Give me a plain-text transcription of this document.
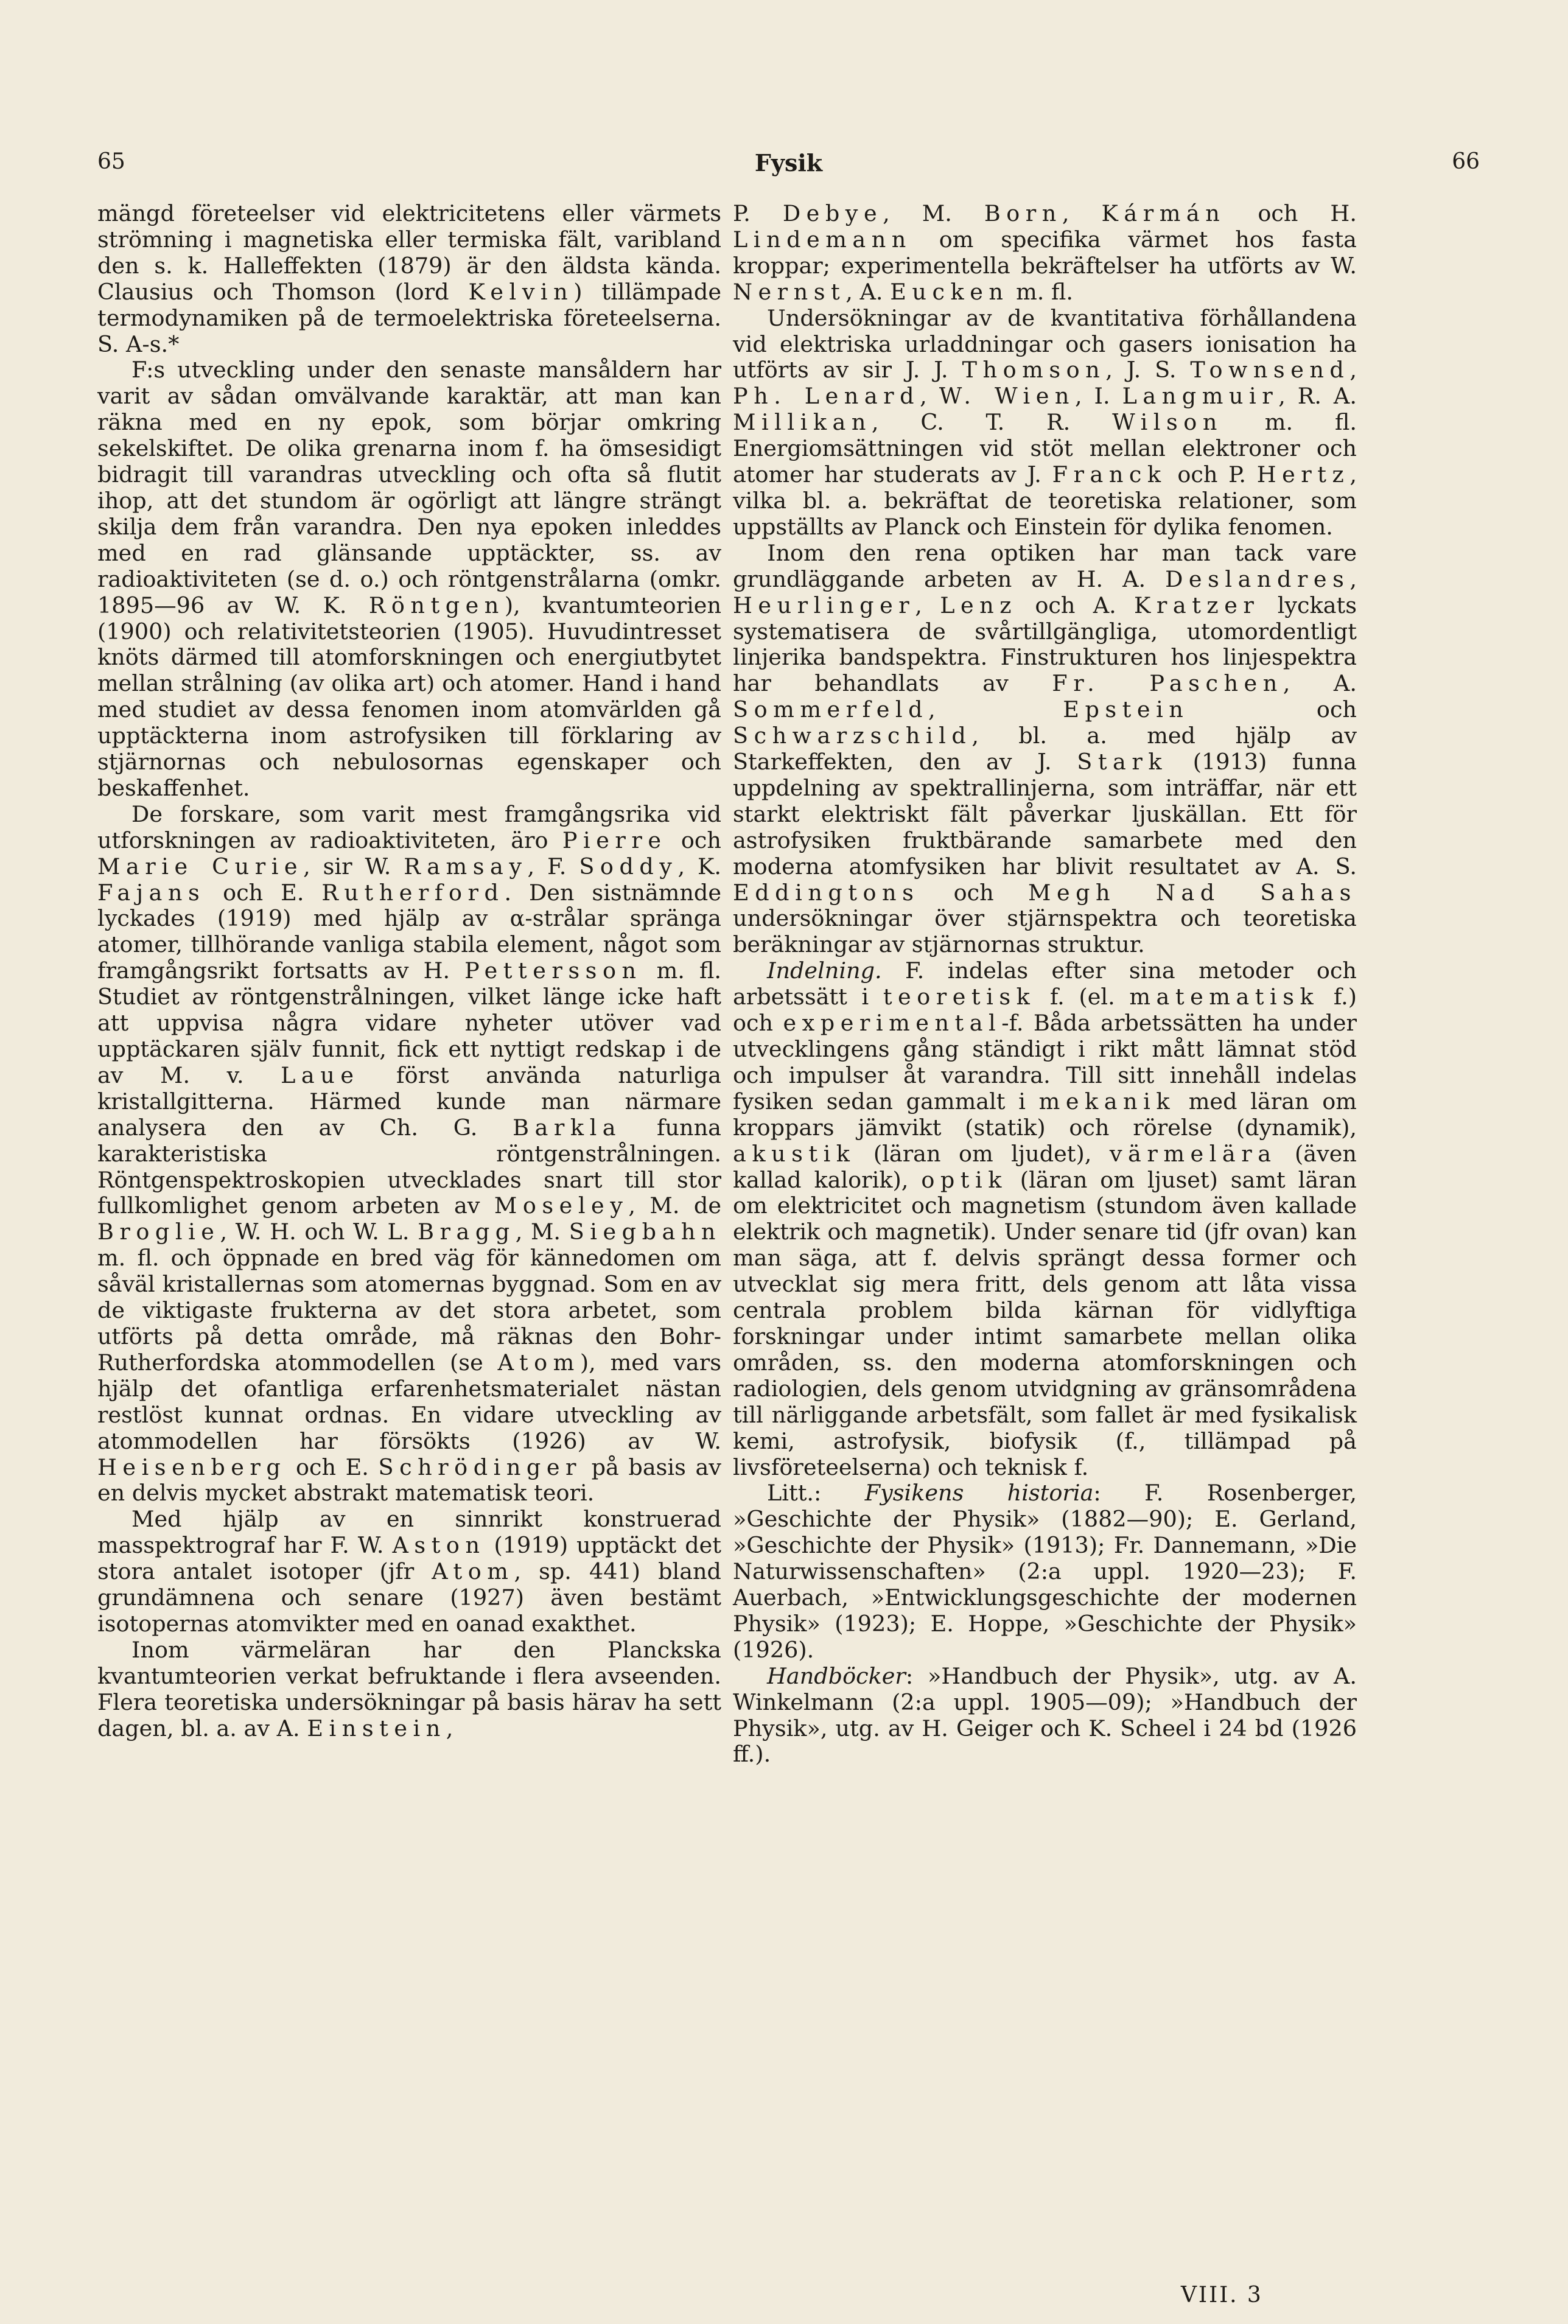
65	Fysik	66

mängd företeelser vid elektricitetens eller värmets strömning i magnetiska eller termiska fält, varibland den s. k. Halleffekten (1879) är den äldsta kända. Clausius och Thomson (lord Kelvin) tillämpade termodynamiken på de termoelektriska företeelserna. S. A-s.*

F:s utveckling under den senaste mansåldern har varit av sådan omvälvande karaktär, att man kan räkna med en ny epok, som börjar omkring sekelskiftet. De olika grenarna inom f. ha ömsesidigt bidragit till varandras utveckling och ofta så flutit ihop, att det stundom är ogörligt att längre strängt skilja dem från varandra. Den nya epoken inleddes med en rad glänsande upptäckter, ss. av radioaktiviteten (se d. o.) och röntgenstrålarna (omkr. 1895—96 av W. K. Röntgen), kvantumteorien (1900) och relativitetsteorien (1905). Huvudintresset knöts därmed till atomforskningen och energiutbytet mellan strålning (av olika art) och atomer. Hand i hand med studiet av dessa fenomen inom atomvärlden gå upptäckterna inom astrofysiken till förklaring av stjärnornas och nebulosornas egenskaper och beskaffenhet.

De forskare, som varit mest framgångsrika vid utforskningen av radioaktiviteten, äro Pierre och Marie Curie, sir W. Ramsay, F. Soddy, K. Fajans och E. Rutherford. Den sistnämnde lyckades (1919) med hjälp av α-strålar spränga atomer, tillhörande vanliga stabila element, något som framgångsrikt fortsatts av H. Pettersson m. fl. Studiet av röntgenstrålningen, vilket länge icke haft att uppvisa några vidare nyheter utöver vad upptäckaren själv funnit, fick ett nyttigt redskap i de av M. v. Laue först använda naturliga kristallgitterna. Härmed kunde man närmare analysera den av Ch. G. Barkla funna karakteristiska röntgenstrålningen. Röntgenspektroskopien utvecklades snart till stor fullkomlighet genom arbeten av Moseley, M. de Broglie, W. H. och W. L. Bragg, M. Siegbahn m. fl. och öppnade en bred väg för kännedomen om såväl kristallernas som atomernas byggnad. Som en av de viktigaste frukterna av det stora arbetet, som utförts på detta område, må räknas den Bohr-Rutherfordska atommodellen (se Atom), med vars hjälp det ofantliga erfarenhetsmaterialet nästan restlöst kunnat ordnas. En vidare utveckling av atommodellen har försökts (1926) av W. Heisenberg och E. Schrödinger på basis av en delvis mycket abstrakt matematisk teori.

Med hjälp av en sinnrikt konstruerad masspektrograf har F. W. Aston (1919) upptäckt det stora antalet isotoper (jfr Atom, sp. 441) bland grundämnena och senare (1927) även bestämt isotopernas atomvikter med en oanad exakthet.

Inom värmeläran har den Planckska kvantumteorien verkat befruktande i flera avseenden. Flera teoretiska undersökningar på basis härav ha sett dagen, bl. a. av A. Einstein,

P. Debye, M. Born, Kármán och H. Lindemann om specifika värmet hos fasta kroppar; experimentella bekräftelser ha utförts av W. Nernst, A. Eucken m. fl.

Undersökningar av de kvantitativa förhållandena vid elektriska urladdningar och gasers ionisation ha utförts av sir J. J. Thomson, J. S. Townsend, Ph. Lenard, W. Wien, I. Langmuir, R. A. Millikan, C. T. R. Wilson m. fl. Energiomsättningen vid stöt mellan elektroner och atomer har studerats av J. Franck och P. Hertz, vilka bl. a. bekräftat de teoretiska relationer, som uppställts av Planck och Einstein för dylika fenomen.

Inom den rena optiken har man tack vare grundläggande arbeten av H. A. Deslandres, Heurlinger, Lenz och A. Kratzer lyckats systematisera de svårtillgängliga, utomordentligt linjerika bandspektra. Finstrukturen hos linjespektra har behandlats av Fr. Paschen, A. Sommerfeld,	Epstein	och Schwarzschild, bl. a. med hjälp av Starkeffekten, den av J. Stark (1913) funna uppdelning av spektrallinjerna, som inträffar, när ett starkt elektriskt fält påverkar ljuskällan. Ett för astrofysiken fruktbärande samarbete med den moderna atomfysiken har blivit resultatet av A. S. Eddingtons och Megh Nad Sahas undersökningar över stjärnspektra och teoretiska beräkningar av stjärnornas struktur.

Indelning. F. indelas efter sina metoder och arbetssätt i teoretisk f. (el. matematisk f.) och experimental-f. Båda arbetssätten ha under utvecklingens gång ständigt i rikt mått lämnat stöd och impulser åt varandra. Till sitt innehåll indelas fysiken sedan gammalt i mekanik med läran om kroppars jämvikt (statik) och rörelse (dynamik), akustik (läran om ljudet), värmelära (även kallad kalorik), optik (läran om ljuset) samt läran om elektricitet och magnetism (stundom även kallade elektrik och magnetik). Under senare tid (jfr ovan) kan man säga, att f. delvis sprängt dessa former och utvecklat sig mera fritt, dels genom att låta vissa centrala problem bilda kärnan för vidlyftiga forskningar under intimt samarbete mellan olika områden, ss. den moderna atomforskningen och radiologien, dels genom utvidgning av gränsområdena till närliggande arbetsfält, som fallet är med fysikalisk kemi, astrofysik, biofysik (f., tillämpad på livsföreteelserna) och teknisk f.

Litt.: Fysikens historia: F. Rosenberger, »Geschichte der Physik» (1882—90); E. Gerland, »Geschichte der Physik» (1913); Fr. Dannemann, »Die Naturwissenschaften» (2:a uppl. 1920—23); F. Auerbach, »Entwicklungsgeschichte der modernen Physik» (1923); E. Hoppe, »Geschichte der Physik» (1926).

Handböcker: »Handbuch der Physik», utg. av A. Winkelmann (2:a uppl. 1905—09); »Handbuch der Physik», utg. av H. Geiger och K. Scheel i 24 bd (1926 ff.).

VIII. 3
